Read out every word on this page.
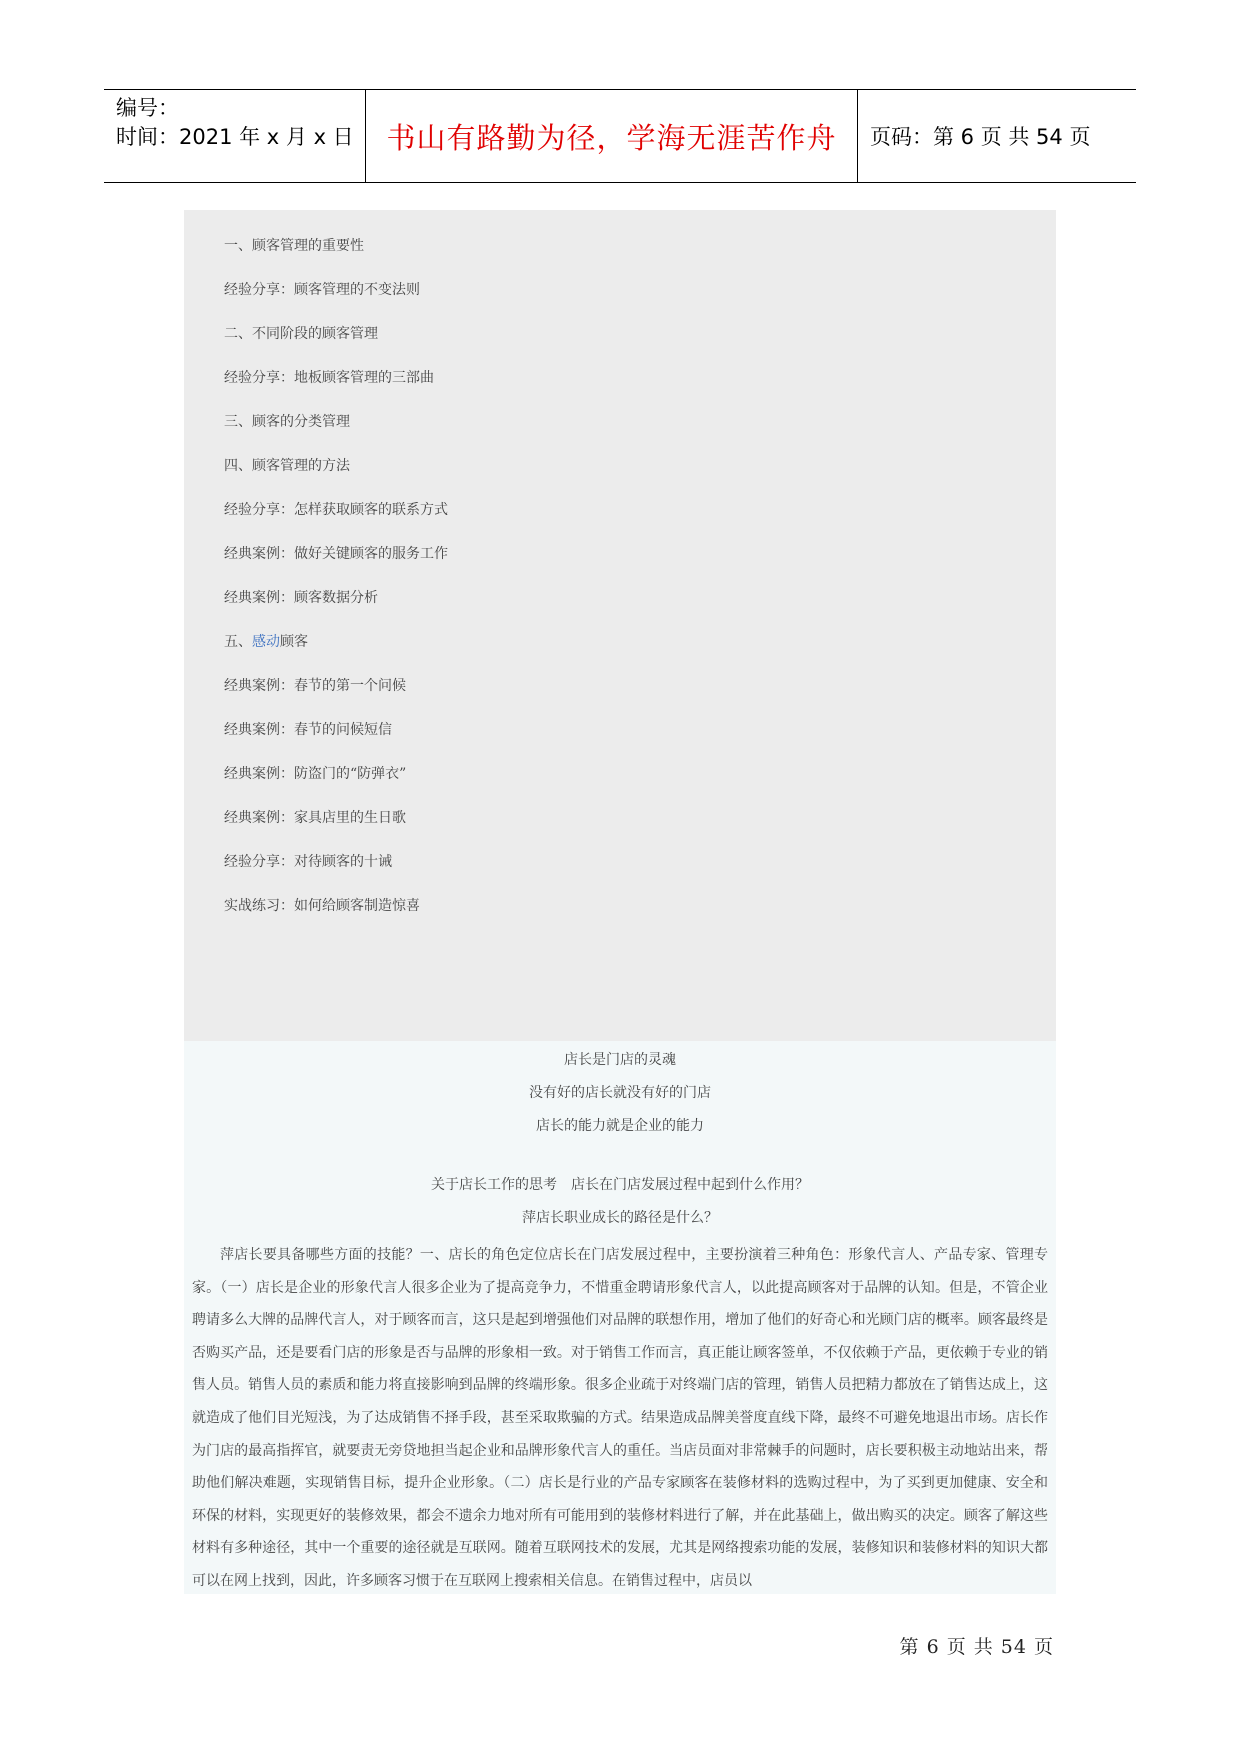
编号：
时间：2021 年 x 月 x 日	书山有路勤为径，学海无涯苦作舟	页码：第 6 页 共 54 页
一、顾客管理的重要性
经验分享：顾客管理的不变法则
二、不同阶段的顾客管理
经验分享：地板顾客管理的三部曲
三、顾客的分类管理
四、顾客管理的方法
经验分享：怎样获取顾客的联系方式
经典案例：做好关键顾客的服务工作
经典案例：顾客数据分析
五、感动顾客
经典案例：春节的第一个问候
经典案例：春节的问候短信
经典案例：防盗门的“防弹衣”
经典案例：家具店里的生日歌
经验分享：对待顾客的十诫
实战练习：如何给顾客制造惊喜
店长是门店的灵魂
没有好的店长就没有好的门店
店长的能力就是企业的能力
关于店长工作的思考　店长在门店发展过程中起到什么作用？
萍店长职业成长的路径是什么？

萍店长要具备哪些方面的技能？一、店长的角色定位店长在门店发展过程中，主要扮演着三种角色：形象代言人、产品专家、管理专家。（一）店长是企业的形象代言人很多企业为了提高竞争力，不惜重金聘请形象代言人，以此提高顾客对于品牌的认知。但是，不管企业聘请多么大牌的品牌代言人，对于顾客而言，这只是起到增强他们对品牌的联想作用，增加了他们的好奇心和光顾门店的概率。顾客最终是否购买产品，还是要看门店的形象是否与品牌的形象相一致。对于销售工作而言，真正能让顾客签单，不仅依赖于产品，更依赖于专业的销售人员。销售人员的素质和能力将直接影响到品牌的终端形象。很多企业疏于对终端门店的管理，销售人员把精力都放在了销售达成上，这就造成了他们目光短浅，为了达成销售不择手段，甚至采取欺骗的方式。结果造成品牌美誉度直线下降，最终不可避免地退出市场。店长作为门店的最高指挥官，就要责无旁贷地担当起企业和品牌形象代言人的重任。当店员面对非常棘手的问题时，店长要积极主动地站出来，帮助他们解决难题，实现销售目标，提升企业形象。（二）店长是行业的产品专家顾客在装修材料的选购过程中，为了买到更加健康、安全和环保的材料，实现更好的装修效果，都会不遗余力地对所有可能用到的装修材料进行了解，并在此基础上，做出购买的决定。顾客了解这些材料有多种途径，其中一个重要的途径就是互联网。随着互联网技术的发展，尤其是网络搜索功能的发展，装修知识和装修材料的知识大都可以在网上找到，因此，许多顾客习惯于在互联网上搜索相关信息。在销售过程中，店员以

第 6 页 共 54 页
